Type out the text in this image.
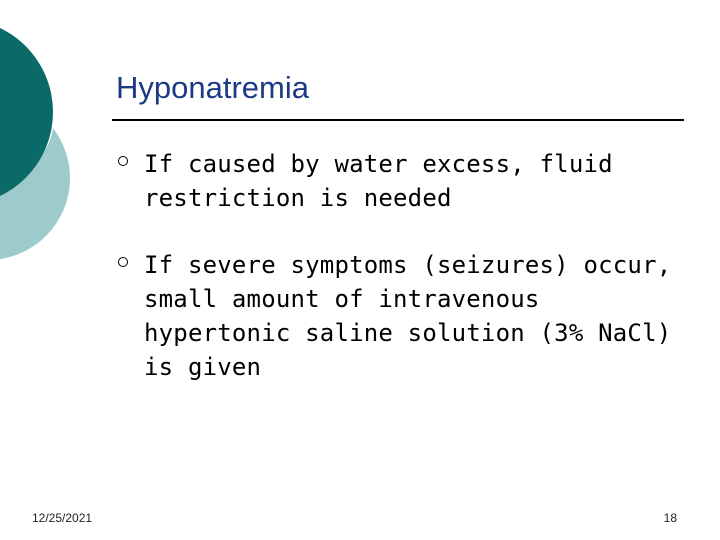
Hyponatremia
If caused by water excess, fluid restriction is needed
If severe symptoms (seizures) occur, small amount of intravenous hypertonic saline solution (3% NaCl) is given
12/25/2021	18
